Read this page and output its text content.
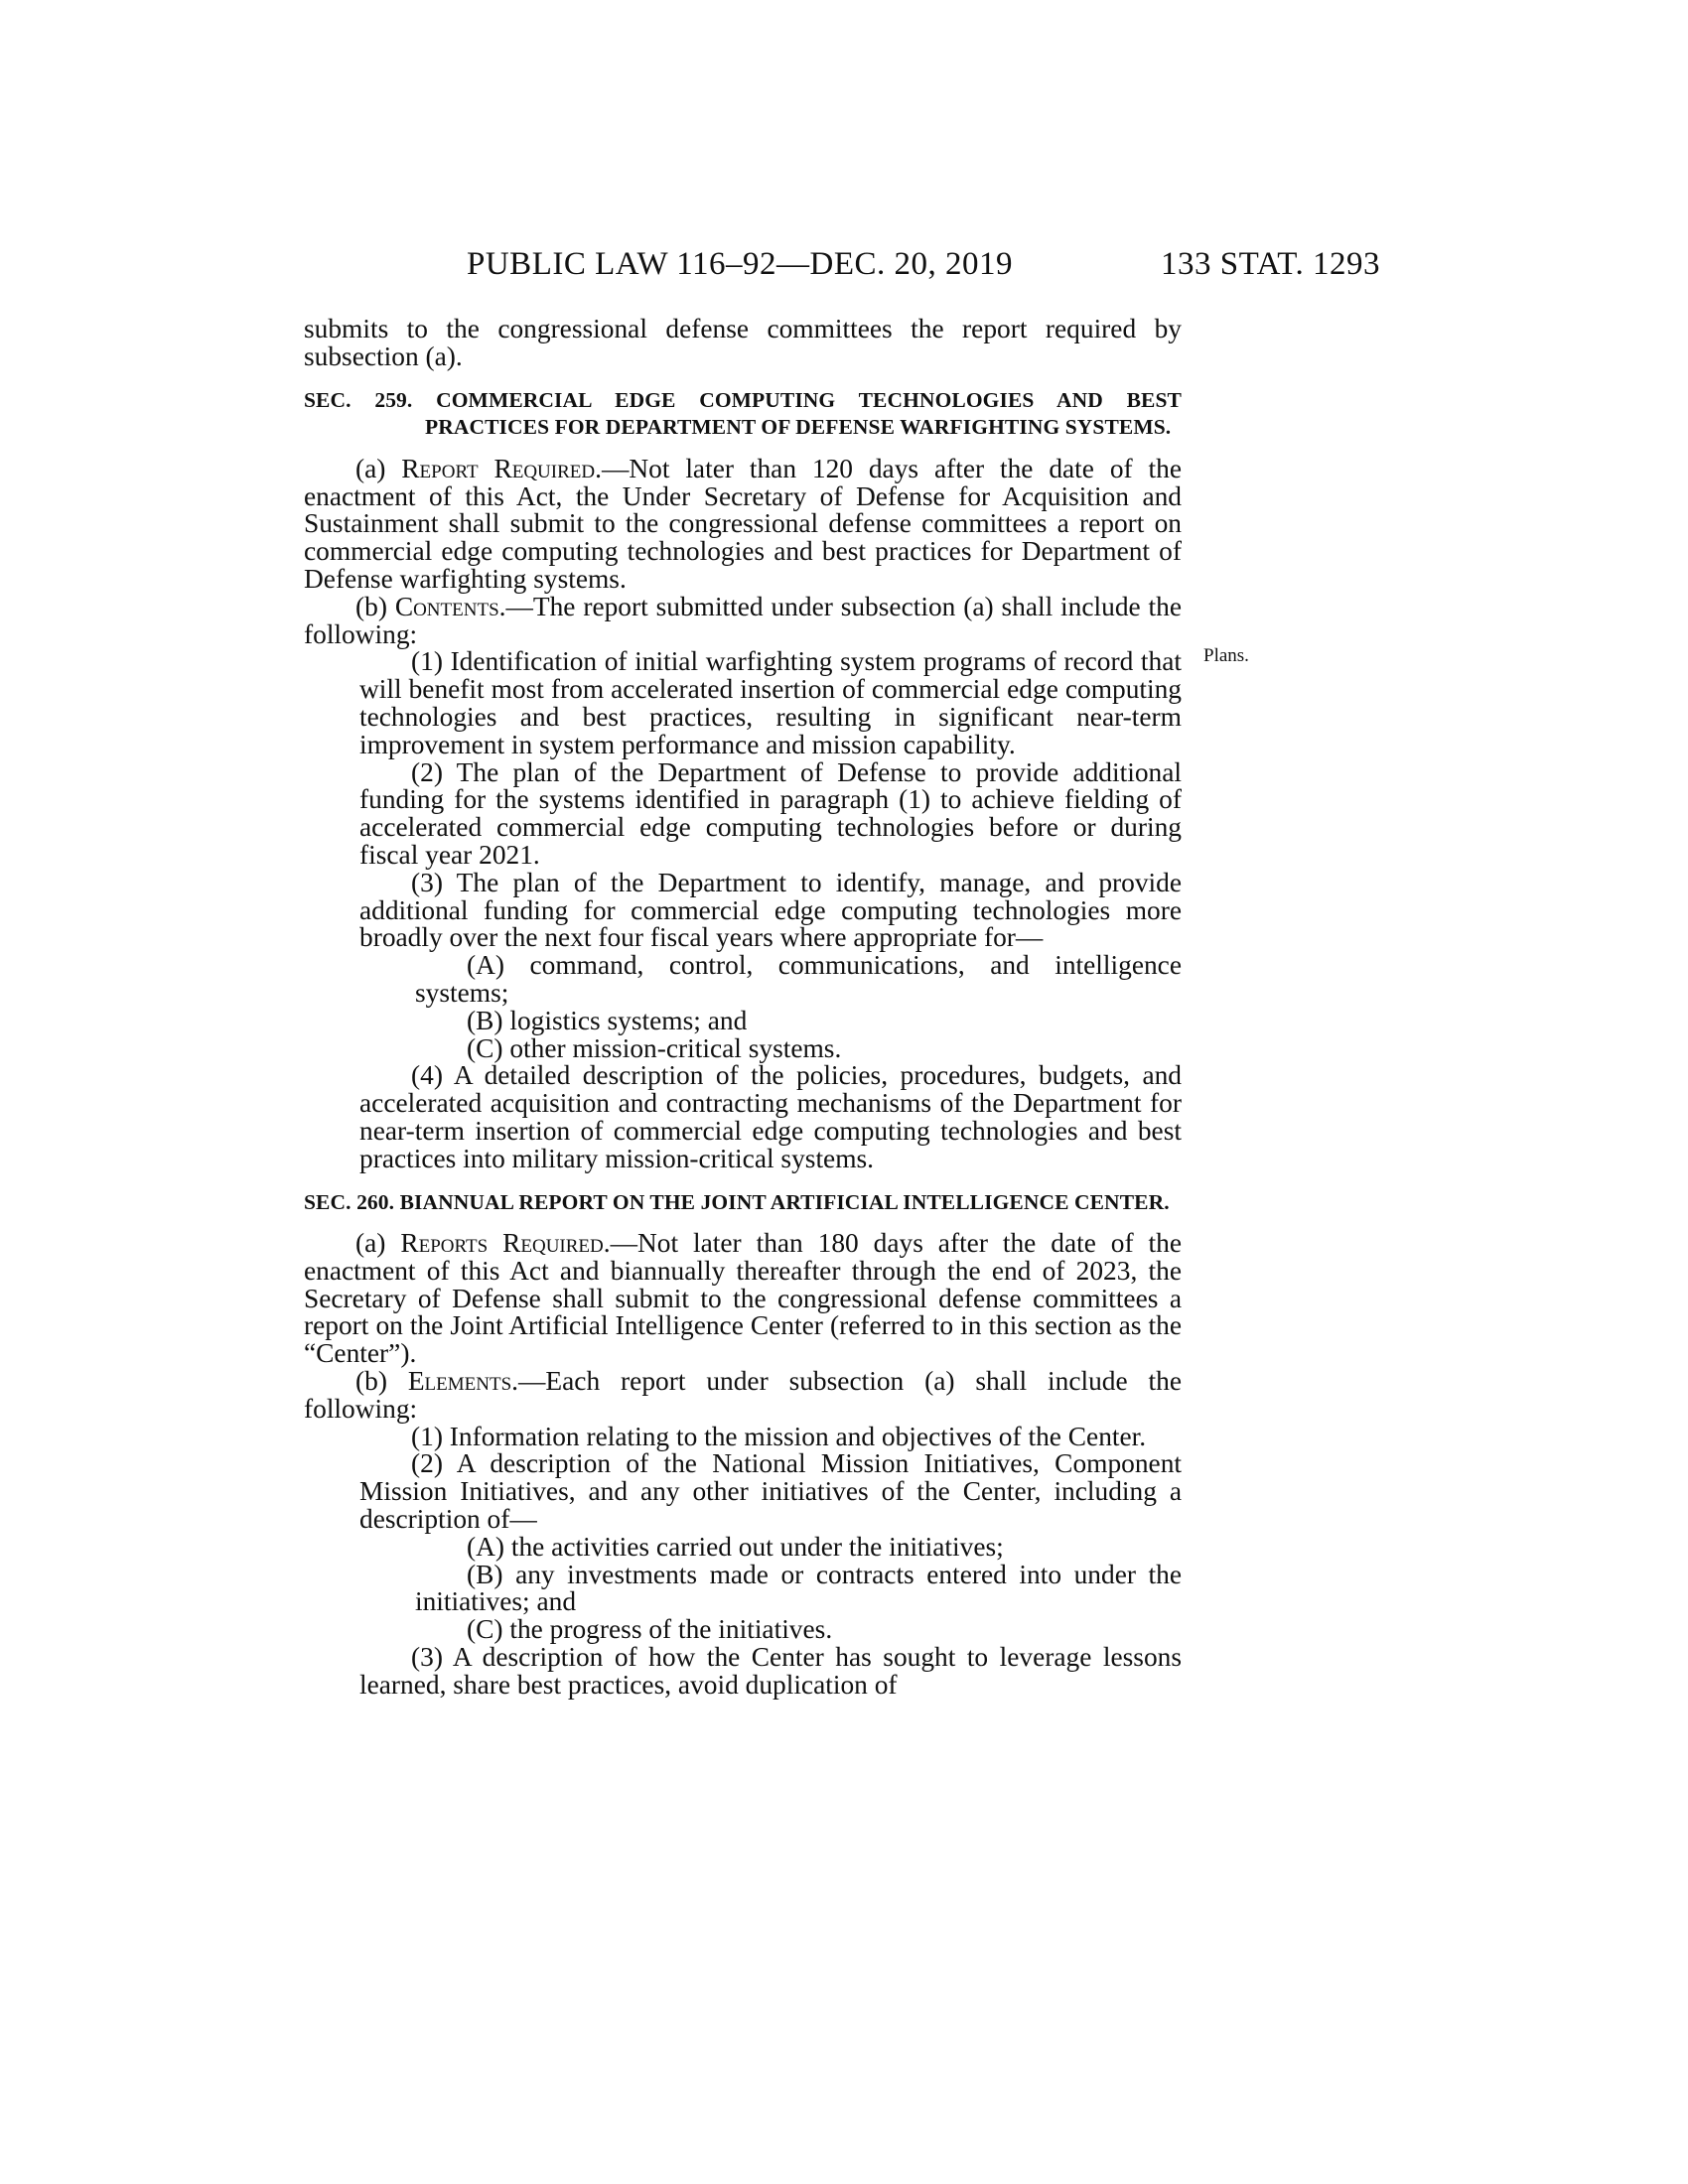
PUBLIC LAW 116–92—DEC. 20, 2019	133 STAT. 1293
Plans.

submits to the congressional defense committees the report required by subsection (a).

SEC. 259. COMMERCIAL EDGE COMPUTING TECHNOLOGIES AND BEST PRACTICES FOR DEPARTMENT OF DEFENSE WARFIGHTING SYSTEMS.

(a) Report Required.—Not later than 120 days after the date of the enactment of this Act, the Under Secretary of Defense for Acquisition and Sustainment shall submit to the congressional defense committees a report on commercial edge computing technologies and best practices for Department of Defense warfighting systems.

(b) Contents.—The report submitted under subsection (a) shall include the following:

(1) Identification of initial warfighting system programs of record that will benefit most from accelerated insertion of commercial edge computing technologies and best practices, resulting in significant near-term improvement in system performance and mission capability.

(2) The plan of the Department of Defense to provide additional funding for the systems identified in paragraph (1) to achieve fielding of accelerated commercial edge computing technologies before or during fiscal year 2021.

(3) The plan of the Department to identify, manage, and provide additional funding for commercial edge computing technologies more broadly over the next four fiscal years where appropriate for—

(A) command, control, communications, and intelligence systems;

(B) logistics systems; and

(C) other mission-critical systems.

(4) A detailed description of the policies, procedures, budgets, and accelerated acquisition and contracting mechanisms of the Department for near-term insertion of commercial edge computing technologies and best practices into military mission-critical systems.

SEC. 260. BIANNUAL REPORT ON THE JOINT ARTIFICIAL INTELLIGENCE CENTER.

(a) Reports Required.—Not later than 180 days after the date of the enactment of this Act and biannually thereafter through the end of 2023, the Secretary of Defense shall submit to the congressional defense committees a report on the Joint Artificial Intelligence Center (referred to in this section as the “Center”).

(b) Elements.—Each report under subsection (a) shall include the following:

(1) Information relating to the mission and objectives of the Center.

(2) A description of the National Mission Initiatives, Component Mission Initiatives, and any other initiatives of the Center, including a description of—

(A) the activities carried out under the initiatives;

(B) any investments made or contracts entered into under the initiatives; and

(C) the progress of the initiatives.

(3) A description of how the Center has sought to leverage lessons learned, share best practices, avoid duplication of
